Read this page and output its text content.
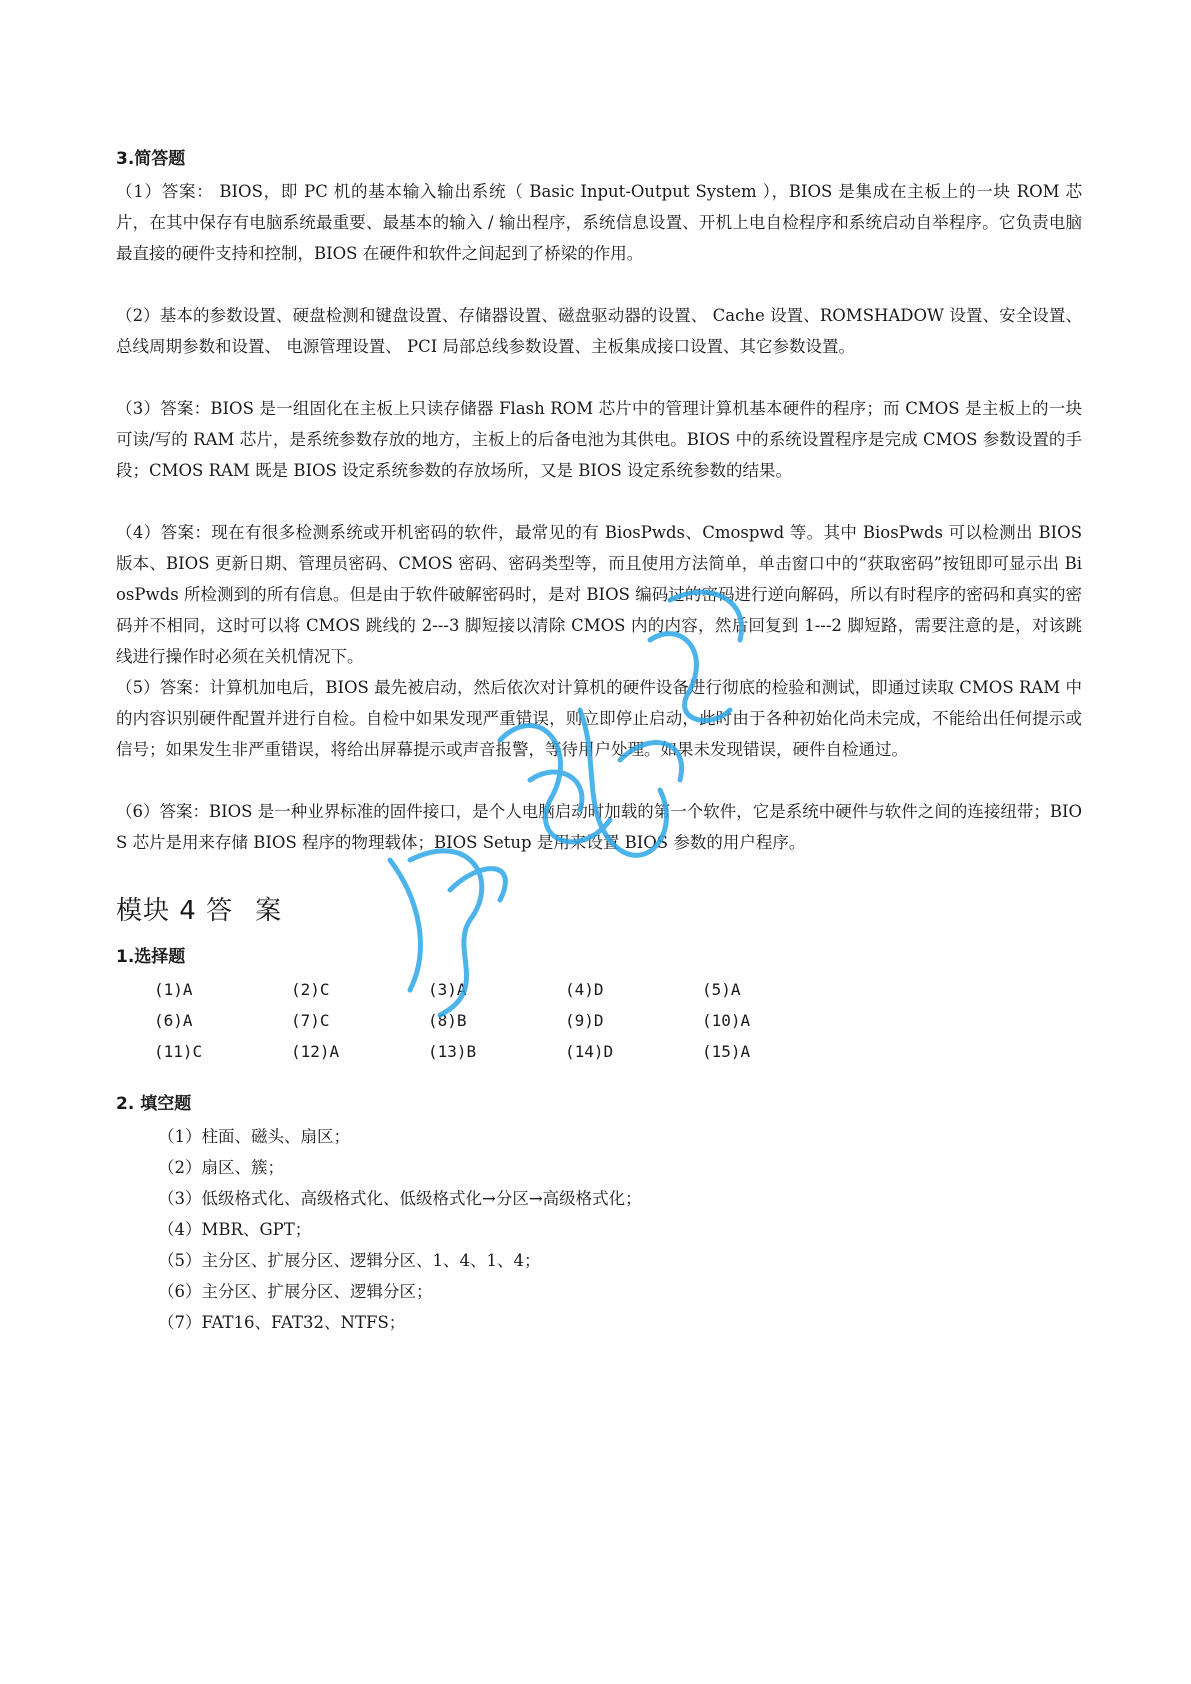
3.简答题

（1）答案： BIOS，即 PC 机的基本输入输出系统（ Basic Input-Output System ），BIOS 是集成在主板上的一块 ROM 芯片，在其中保存有电脑系统最重要、最基本的输入 / 输出程序，系统信息设置、开机上电自检程序和系统启动自举程序。它负责电脑最直接的硬件支持和控制，BIOS 在硬件和软件之间起到了桥梁的作用。

（2）基本的参数设置、硬盘检测和键盘设置、存储器设置、磁盘驱动器的设置、 Cache 设置、ROMSHADOW 设置、安全设置、总线周期参数和设置、 电源管理设置、 PCI 局部总线参数设置、主板集成接口设置、其它参数设置。

（3）答案：BIOS 是一组固化在主板上只读存储器 Flash ROM 芯片中的管理计算机基本硬件的程序；而 CMOS 是主板上的一块可读/写的 RAM 芯片，是系统参数存放的地方，主板上的后备电池为其供电。BIOS 中的系统设置程序是完成 CMOS 参数设置的手段；CMOS RAM 既是 BIOS 设定系统参数的存放场所，又是 BIOS 设定系统参数的结果。

（4）答案：现在有很多检测系统或开机密码的软件，最常见的有 BiosPwds、Cmospwd 等。其中 BiosPwds 可以检测出 BIOS 版本、BIOS 更新日期、管理员密码、CMOS 密码、密码类型等，而且使用方法简单，单击窗口中的“获取密码”按钮即可显示出 BiosPwds 所检测到的所有信息。但是由于软件破解密码时，是对 BIOS 编码过的密码进行逆向解码，所以有时程序的密码和真实的密码并不相同，这时可以将 CMOS 跳线的 2---3 脚短接以清除 CMOS 内的内容，然后回复到 1---2 脚短路，需要注意的是，对该跳线进行操作时必须在关机情况下。

（5）答案：计算机加电后，BIOS 最先被启动，然后依次对计算机的硬件设备进行彻底的检验和测试，即通过读取 CMOS RAM 中的内容识别硬件配置并进行自检。自检中如果发现严重错误，则立即停止启动，此时由于各种初始化尚未完成，不能给出任何提示或信号；如果发生非严重错误，将给出屏幕提示或声音报警，等待用户处理。如果未发现错误，硬件自检通过。

（6）答案：BIOS 是一种业界标准的固件接口，是个人电脑启动时加载的第一个软件，它是系统中硬件与软件之间的连接纽带；BIOS 芯片是用来存储 BIOS 程序的物理载体；BIOS Setup 是用来设置 BIOS 参数的用户程序。

模块 4 答 案
1.选择题
(1)A	(2)C	(3)A	(4)D	(5)A
(6)A	(7)C	(8)B	(9)D	(10)A
(11)C	(12)A	(13)B	(14)D	(15)A
2. 填空题
（1）柱面、磁头、扇区；
（2）扇区、簇；
（3）低级格式化、高级格式化、低级格式化→分区→高级格式化；
（4）MBR、GPT；
（5）主分区、扩展分区、逻辑分区、1、4、1、4；
（6）主分区、扩展分区、逻辑分区；
（7）FAT16、FAT32、NTFS；
